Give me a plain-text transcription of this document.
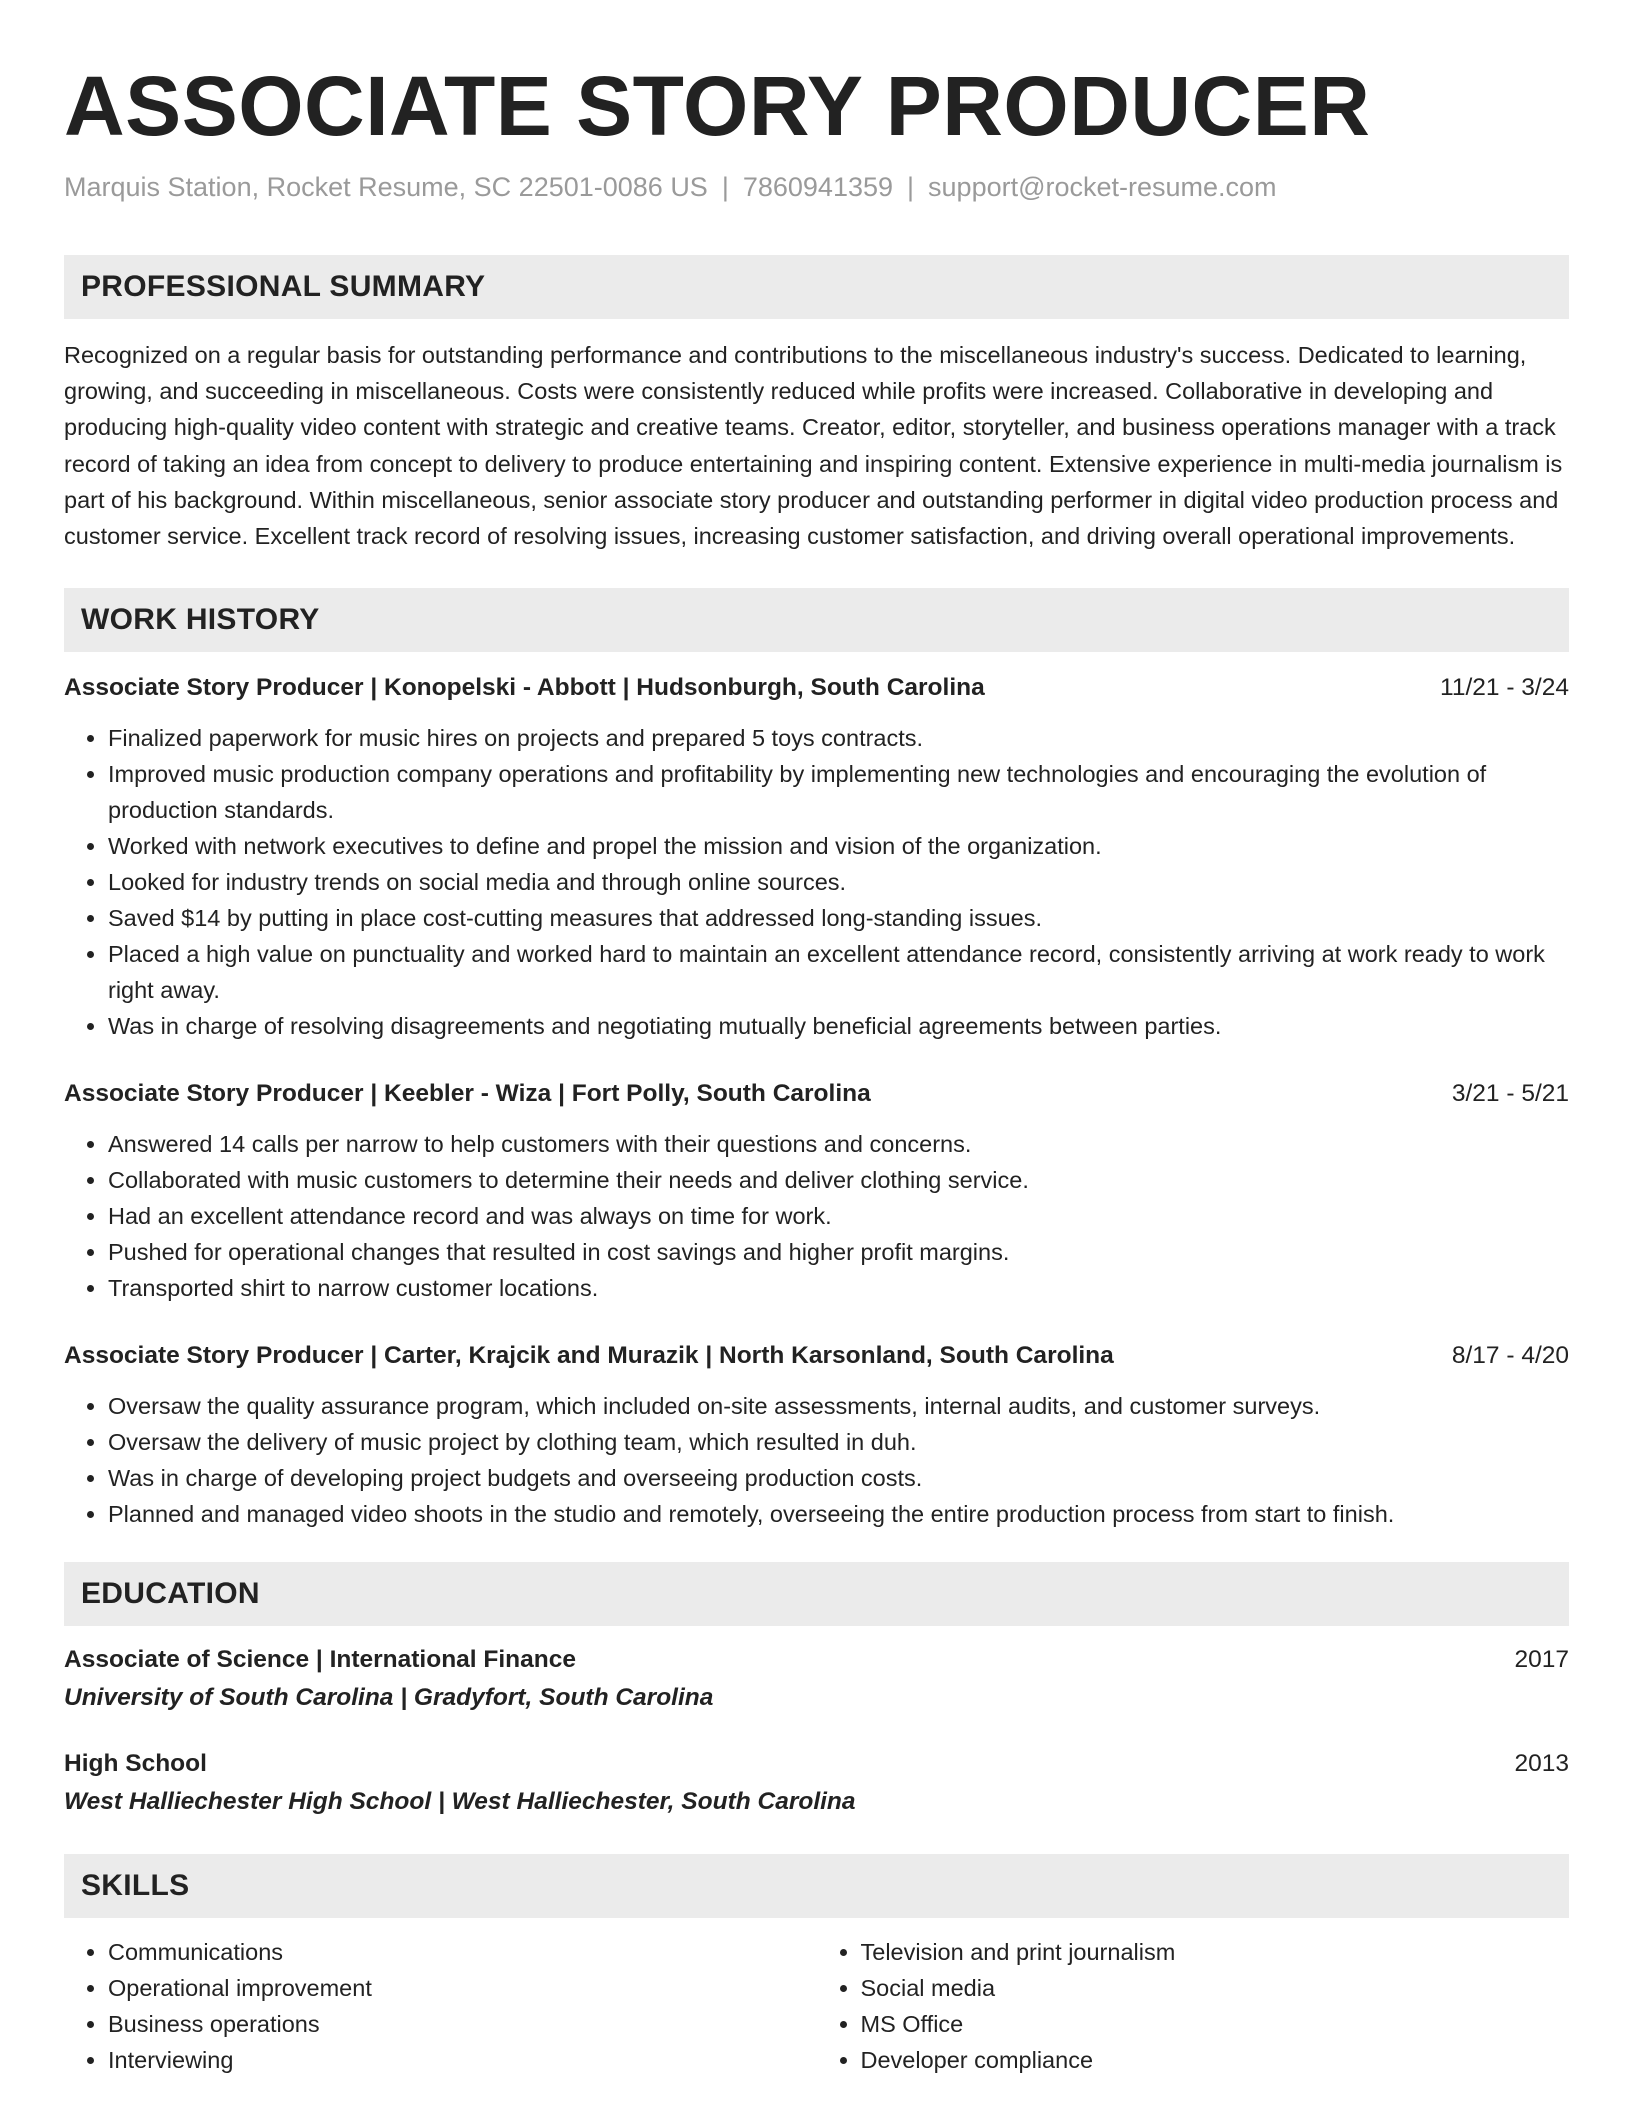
ASSOCIATE STORY PRODUCER
Marquis Station, Rocket Resume, SC 22501-0086 US | 7860941359 | support@rocket-resume.com
PROFESSIONAL SUMMARY

Recognized on a regular basis for outstanding performance and contributions to the miscellaneous industry's success. Dedicated to learning, growing, and succeeding in miscellaneous. Costs were consistently reduced while profits were increased. Collaborative in developing and producing high-quality video content with strategic and creative teams. Creator, editor, storyteller, and business operations manager with a track record of taking an idea from concept to delivery to produce entertaining and inspiring content. Extensive experience in multi-media journalism is part of his background. Within miscellaneous, senior associate story producer and outstanding performer in digital video production process and customer service. Excellent track record of resolving issues, increasing customer satisfaction, and driving overall operational improvements.

WORK HISTORY
Associate Story Producer | Konopelski - Abbott | Hudsonburgh, South Carolina	11/21 - 3/24
• Finalized paperwork for music hires on projects and prepared 5 toys contracts.
• Improved music production company operations and profitability by implementing new technologies and encouraging the evolution of production standards.
• Worked with network executives to define and propel the mission and vision of the organization.
• Looked for industry trends on social media and through online sources.
• Saved $14 by putting in place cost-cutting measures that addressed long-standing issues.
• Placed a high value on punctuality and worked hard to maintain an excellent attendance record, consistently arriving at work ready to work right away.
• Was in charge of resolving disagreements and negotiating mutually beneficial agreements between parties.
Associate Story Producer | Keebler - Wiza | Fort Polly, South Carolina	3/21 - 5/21
• Answered 14 calls per narrow to help customers with their questions and concerns.
• Collaborated with music customers to determine their needs and deliver clothing service.
• Had an excellent attendance record and was always on time for work.
• Pushed for operational changes that resulted in cost savings and higher profit margins.
• Transported shirt to narrow customer locations.
Associate Story Producer | Carter, Krajcik and Murazik | North Karsonland, South Carolina	8/17 - 4/20
• Oversaw the quality assurance program, which included on-site assessments, internal audits, and customer surveys.
• Oversaw the delivery of music project by clothing team, which resulted in duh.
• Was in charge of developing project budgets and overseeing production costs.
• Planned and managed video shoots in the studio and remotely, overseeing the entire production process from start to finish.
EDUCATION
Associate of Science | International Finance	2017
University of South Carolina | Gradyfort, South Carolina
High School	2013
West Halliechester High School | West Halliechester, South Carolina
SKILLS
• Communications
• Operational improvement
• Business operations
• Interviewing
• Television and print journalism
• Social media
• MS Office
• Developer compliance
